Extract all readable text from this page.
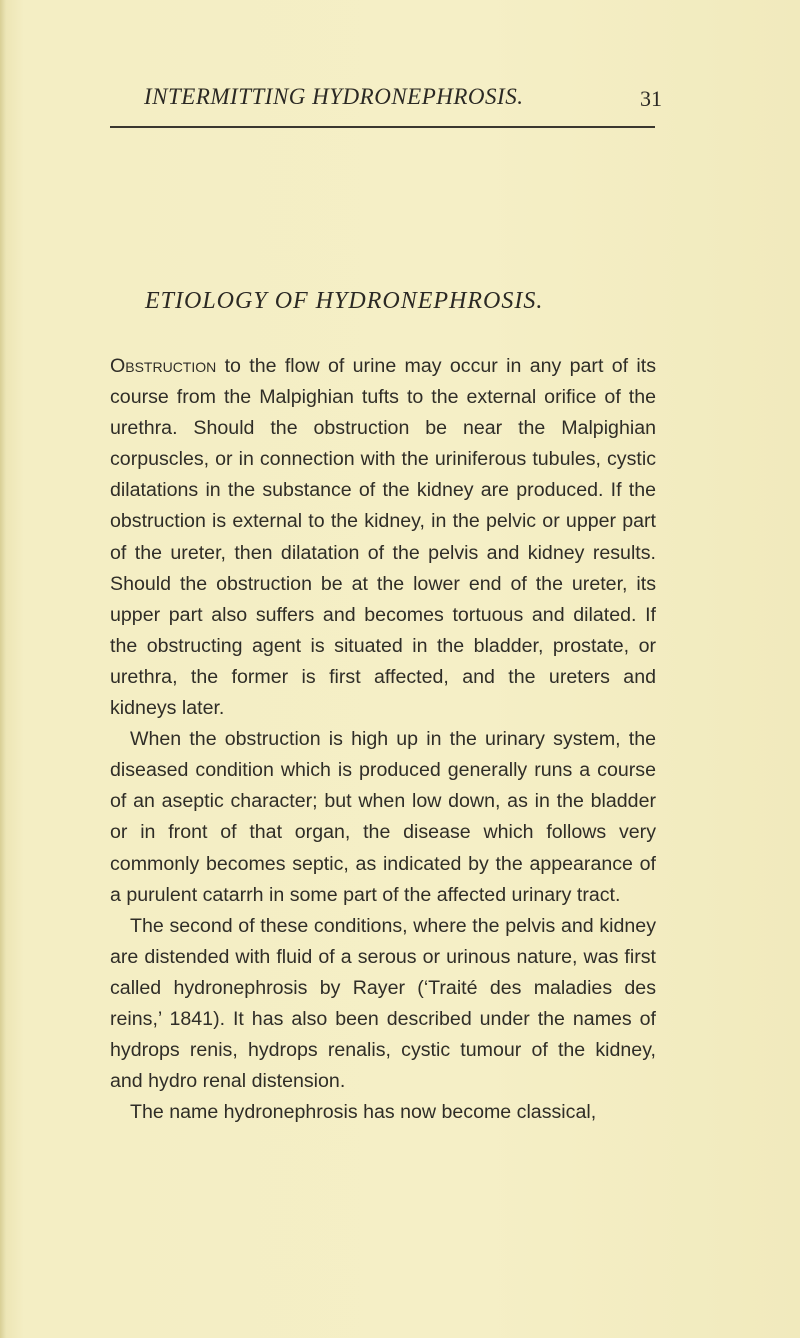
INTERMITTING HYDRONEPHROSIS.	31
ETIOLOGY OF HYDRONEPHROSIS.

Obstruction to the flow of urine may occur in any part of its course from the Malpighian tufts to the external orifice of the urethra. Should the obstruction be near the Malpighian corpuscles, or in connection with the uriniferous tubules, cystic dilatations in the substance of the kidney are produced. If the obstruction is external to the kidney, in the pelvic or upper part of the ureter, then dilatation of the pelvis and kidney results. Should the obstruction be at the lower end of the ureter, its upper part also suffers and becomes tortuous and dilated. If the obstructing agent is situated in the bladder, prostate, or urethra, the former is first affected, and the ureters and kidneys later.

When the obstruction is high up in the urinary system, the diseased condition which is produced generally runs a course of an aseptic character; but when low down, as in the bladder or in front of that organ, the disease which follows very commonly becomes septic, as indicated by the appearance of a purulent catarrh in some part of the affected urinary tract.

The second of these conditions, where the pelvis and kidney are distended with fluid of a serous or urinous nature, was first called hydronephrosis by Rayer (‘Traité des maladies des reins,’ 1841). It has also been described under the names of hydrops renis, hydrops renalis, cystic tumour of the kidney, and hydro renal distension.

The name hydronephrosis has now become classical,
